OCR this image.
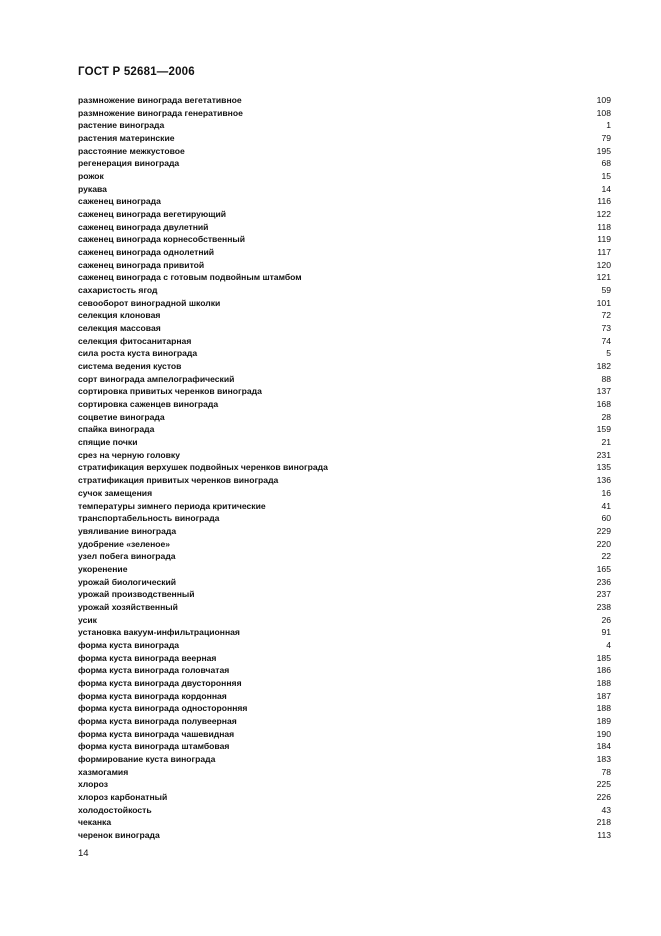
ГОСТ Р 52681—2006
размножение винограда вегетативное	109
размножение винограда генеративное	108
растение винограда	1
растения материнские	79
расстояние межкустовое	195
регенерация винограда	68
рожок	15
рукава	14
саженец винограда	116
саженец винограда вегетирующий	122
саженец винограда двулетний	118
саженец винограда корнесобственный	119
саженец винограда однолетний	117
саженец винограда привитой	120
саженец винограда с готовым подвойным штамбом	121
сахаристость ягод	59
севооборот виноградной школки	101
селекция клоновая	72
селекция массовая	73
селекция фитосанитарная	74
сила роста куста винограда	5
система ведения кустов	182
сорт винограда ампелографический	88
сортировка привитых черенков винограда	137
сортировка саженцев винограда	168
соцветие винограда	28
спайка винограда	159
спящие почки	21
срез на черную головку	231
стратификация верхушек подвойных черенков винограда	135
стратификация привитых черенков винограда	136
сучок замещения	16
температуры зимнего периода критические	41
транспортабельность винограда	60
увяливание винограда	229
удобрение «зеленое»	220
узел побега винограда	22
укоренение	165
урожай биологический	236
урожай производственный	237
урожай хозяйственный	238
усик	26
установка вакуум-инфильтрационная	91
форма куста винограда	4
форма куста винограда веерная	185
форма куста винограда головчатая	186
форма куста винограда двусторонняя	188
форма куста винограда кордонная	187
форма куста винограда односторонняя	188
форма куста винограда полувеерная	189
форма куста винограда чашевидная	190
форма куста винограда штамбовая	184
формирование куста винограда	183
хазмогамия	78
хлороз	225
хлороз карбонатный	226
холодостойкость	43
чеканка	218
черенок винограда	113
14
